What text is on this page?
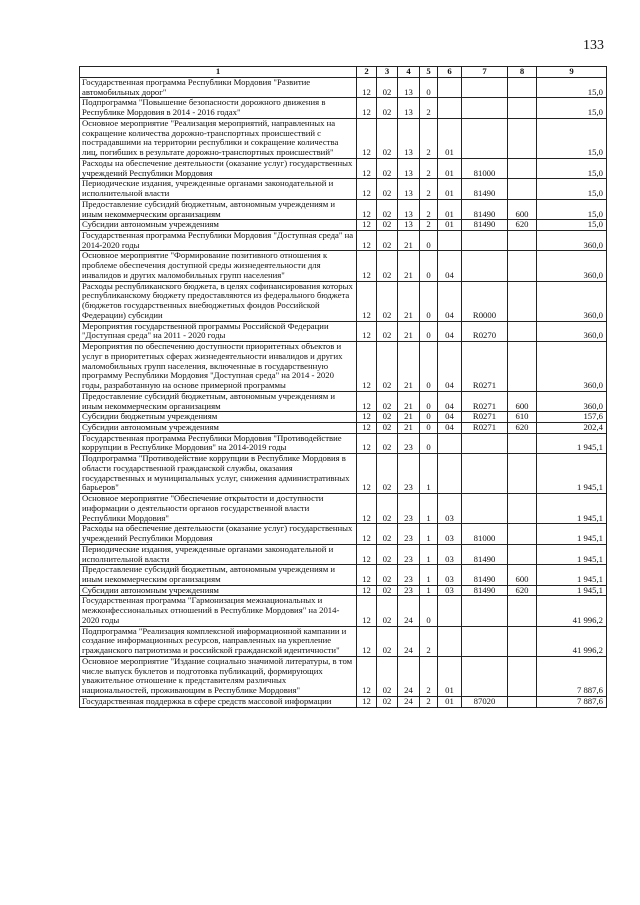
133
1	2	3	4	5	6	7	8	9
Государственная программа Республики Мордовия "Развитие автомобильных дорог"	12	02	13	0				15,0
Подпрограмма "Повышение безопасности дорожного движения в Республике Мордовия в 2014 - 2016 годах"	12	02	13	2				15,0
Основное мероприятие "Реализация мероприятий, направленных на сокращение количества дорожно-транспортных происшествий с пострадавшими на территории республики и сокращение количества лиц, погибших в результате дорожно-транспортных происшествий"	12	02	13	2	01			15,0
Расходы на обеспечение деятельности (оказание услуг) государственных учреждений Республики Мордовия	12	02	13	2	01	81000		15,0
Периодические издания, учрежденные органами законодательной и исполнительной власти	12	02	13	2	01	81490		15,0
Предоставление субсидий бюджетным, автономным учреждениям и иным некоммерческим организациям	12	02	13	2	01	81490	600	15,0
Субсидии автономным учреждениям	12	02	13	2	01	81490	620	15,0
Государственная программа Республики Мордовия "Доступная среда" на 2014-2020 годы	12	02	21	0				360,0
Основное мероприятие "Формирование позитивного отношения к проблеме обеспечения доступной среды жизнедеятельности для инвалидов и других маломобильных групп населения"	12	02	21	0	04			360,0
Расходы республиканского бюджета, в целях софинансирования которых республиканскому бюджету предоставляются из федерального бюджета (бюджетов государственных внебюджетных фондов Российской Федерации) субсидии	12	02	21	0	04	R0000		360,0
Мероприятия государственной программы Российской Федерации "Доступная среда" на 2011 - 2020 годы	12	02	21	0	04	R0270		360,0
Мероприятия по обеспечению доступности приоритетных объектов и услуг в приоритетных сферах жизнедеятельности инвалидов и других маломобильных групп населения, включенные в государственную программу Республики Мордовия "Доступная среда" на 2014 - 2020 годы, разработанную на основе примерной программы	12	02	21	0	04	R0271		360,0
Предоставление субсидий бюджетным, автономным учреждениям и иным некоммерческим организациям	12	02	21	0	04	R0271	600	360,0
Субсидии бюджетным учреждениям	12	02	21	0	04	R0271	610	157,6
Субсидии автономным учреждениям	12	02	21	0	04	R0271	620	202,4
Государственная программа Республики Мордовия "Противодействие коррупции в Республике Мордовия" на 2014-2019 годы	12	02	23	0				1 945,1
Подпрограмма "Противодействие коррупции в Республике Мордовия в области государственной гражданской службы, оказания государственных и муниципальных услуг, снижения административных барьеров"	12	02	23	1				1 945,1
Основное мероприятие "Обеспечение открытости и доступности информации о деятельности органов государственной власти Республики Мордовия"	12	02	23	1	03			1 945,1
Расходы на обеспечение деятельности (оказание услуг) государственных учреждений Республики Мордовия	12	02	23	1	03	81000		1 945,1
Периодические издания, учрежденные органами законодательной и исполнительной власти	12	02	23	1	03	81490		1 945,1
Предоставление субсидий бюджетным, автономным учреждениям и иным некоммерческим организациям	12	02	23	1	03	81490	600	1 945,1
Субсидии автономным учреждениям	12	02	23	1	03	81490	620	1 945,1
Государственная программа "Гармонизация межнациональных и межконфессиональных отношений в Республике Мордовия" на 2014-2020 годы	12	02	24	0				41 996,2
Подпрограмма "Реализация комплексной информационной кампании и создание информационных ресурсов, направленных на укрепление гражданского патриотизма и российской гражданской идентичности"	12	02	24	2				41 996,2
Основное мероприятие "Издание социально значимой литературы, в том числе выпуск буклетов и подготовка публикаций, формирующих уважительное отношение к представителям различных национальностей, проживающим в Республике Мордовия"	12	02	24	2	01			7 887,6
Государственная поддержка в сфере средств массовой информации	12	02	24	2	01	87020		7 887,6
